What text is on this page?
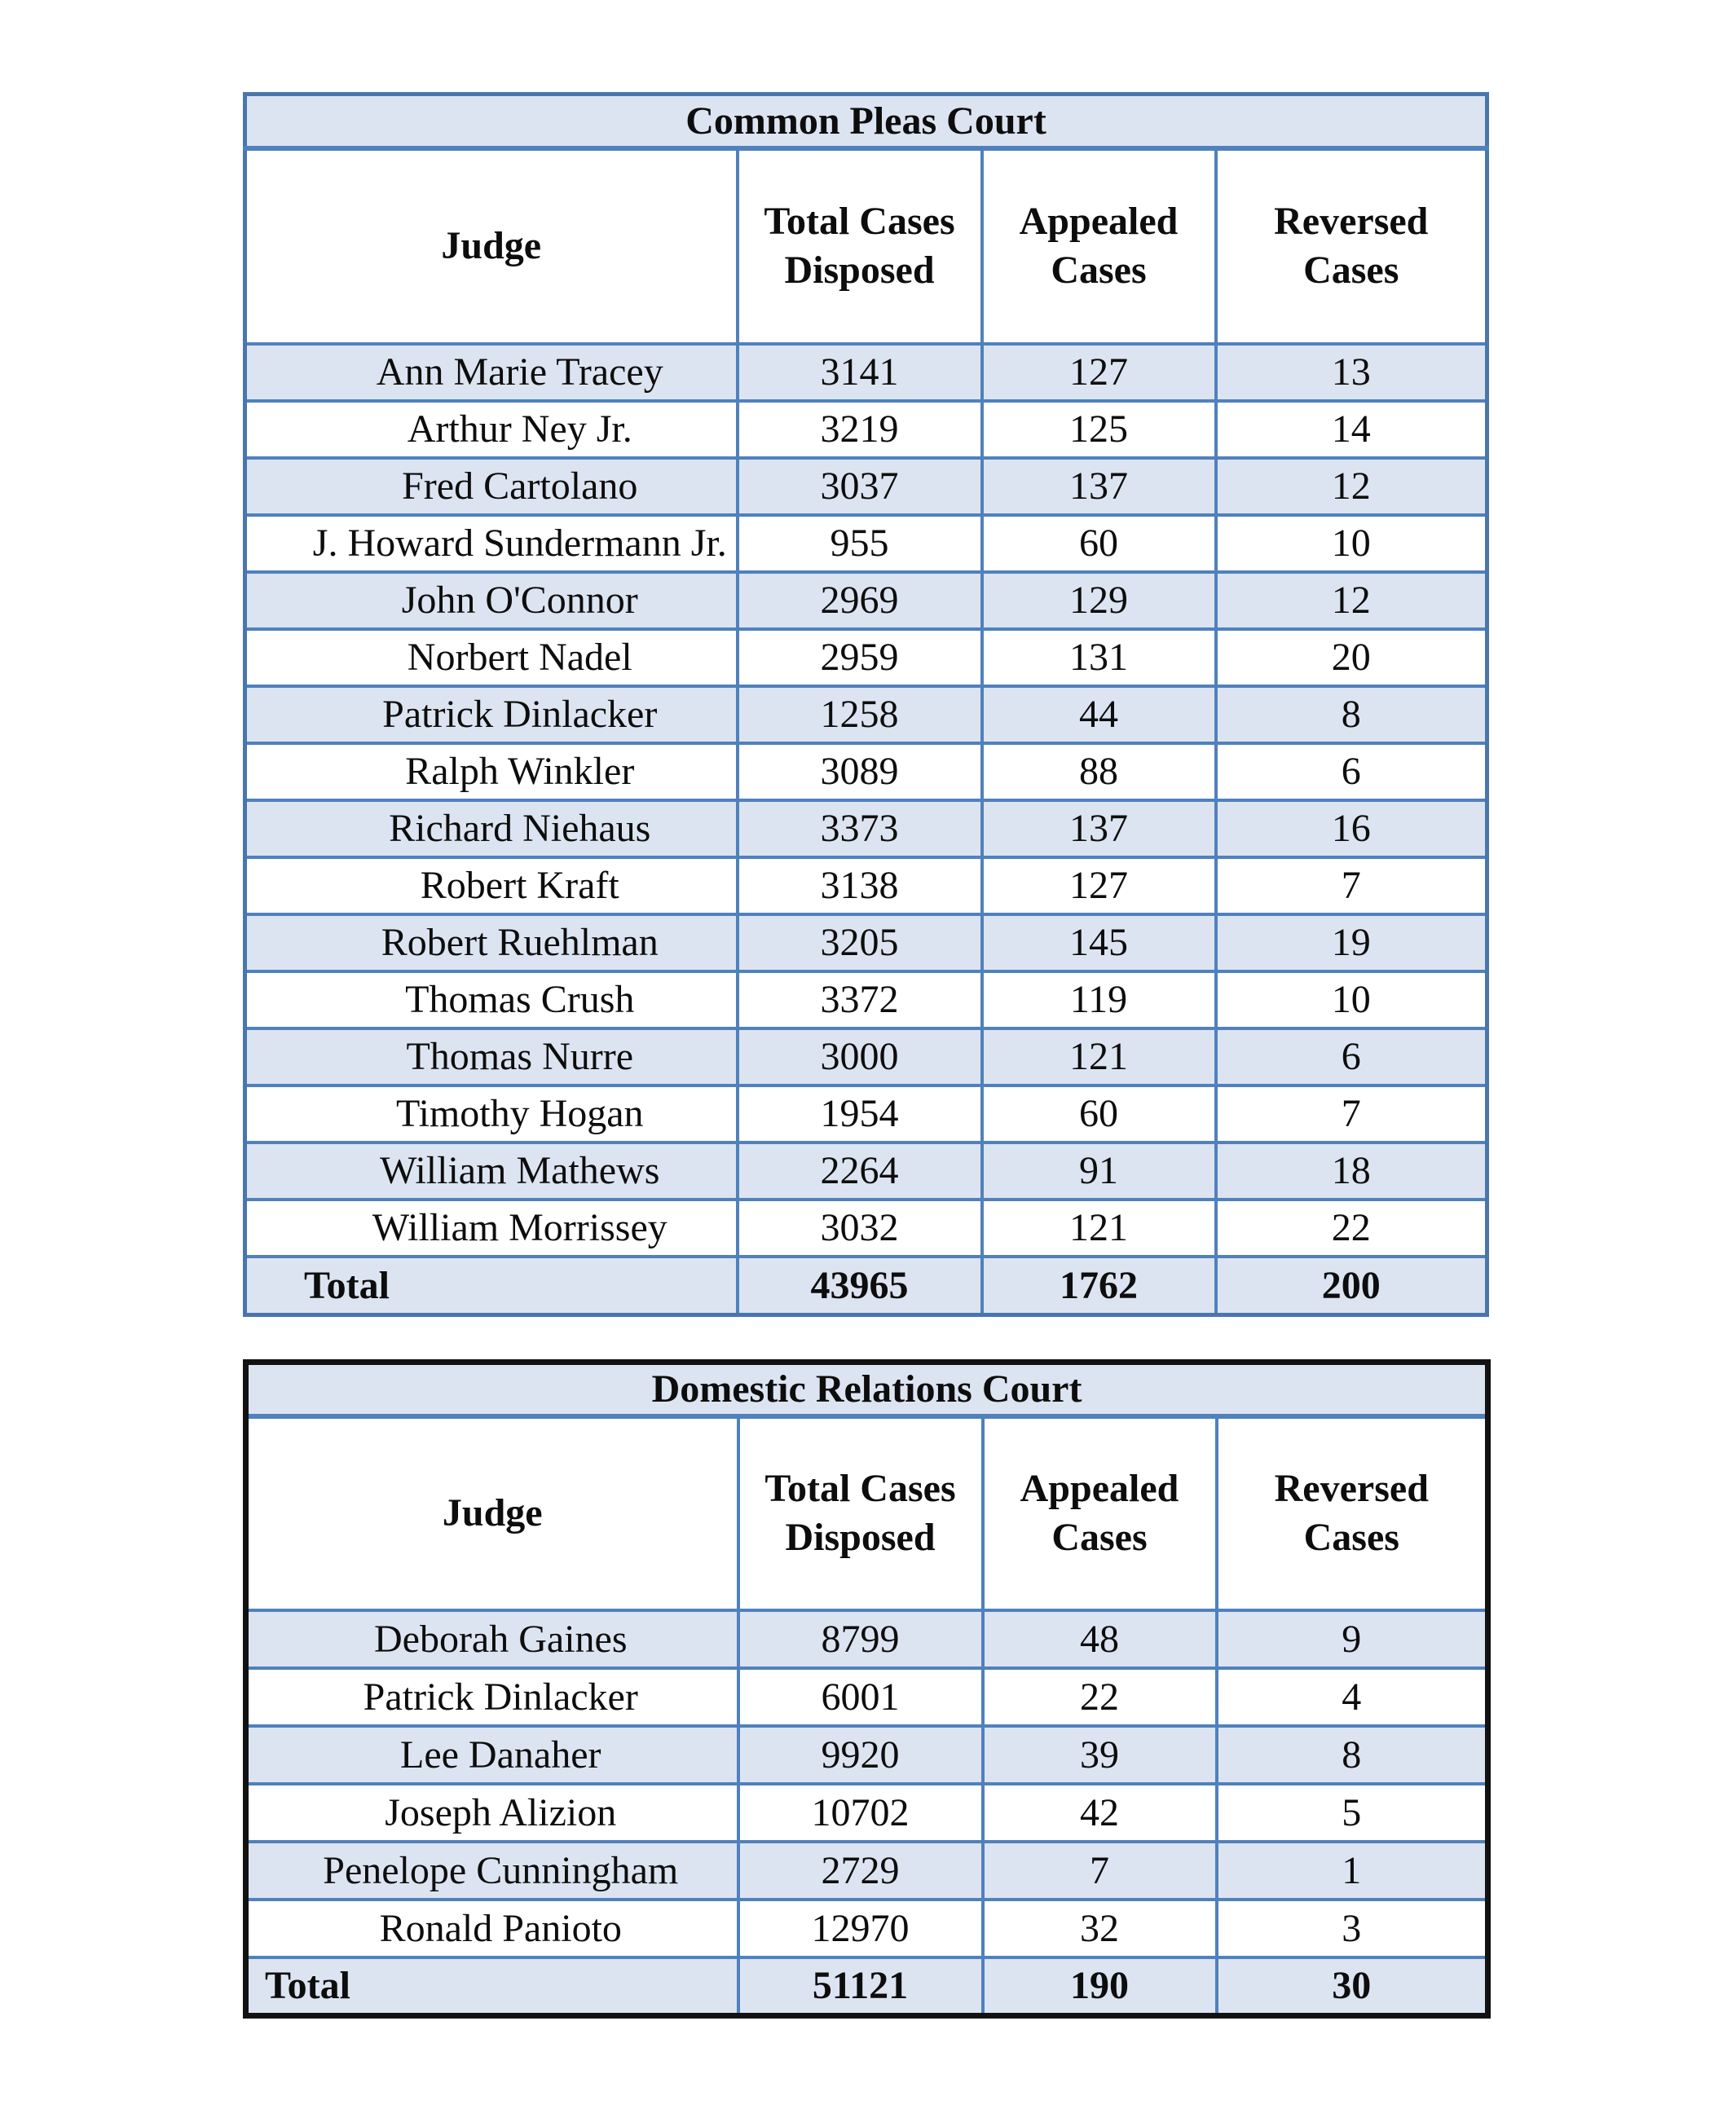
Common Pleas Court			
Judge	Total Cases Disposed	Appealed Cases	Reversed Cases
Ann Marie Tracey	3141	127	13
Arthur Ney Jr.	3219	125	14
Fred Cartolano	3037	137	12
J. Howard Sundermann Jr.	955	60	10
John O'Connor	2969	129	12
Norbert Nadel	2959	131	20
Patrick Dinlacker	1258	44	8
Ralph Winkler	3089	88	6
Richard Niehaus	3373	137	16
Robert Kraft	3138	127	7
Robert Ruehlman	3205	145	19
Thomas Crush	3372	119	10
Thomas Nurre	3000	121	6
Timothy Hogan	1954	60	7
William Mathews	2264	91	18
William Morrissey	3032	121	22
Total	43965	1762	200
Domestic Relations Court			
Judge	Total Cases Disposed	Appealed Cases	Reversed Cases
Deborah Gaines	8799	48	9
Patrick Dinlacker	6001	22	4
Lee Danaher	9920	39	8
Joseph Alizion	10702	42	5
Penelope Cunningham	2729	7	1
Ronald Panioto	12970	32	3
Total	51121	190	30
